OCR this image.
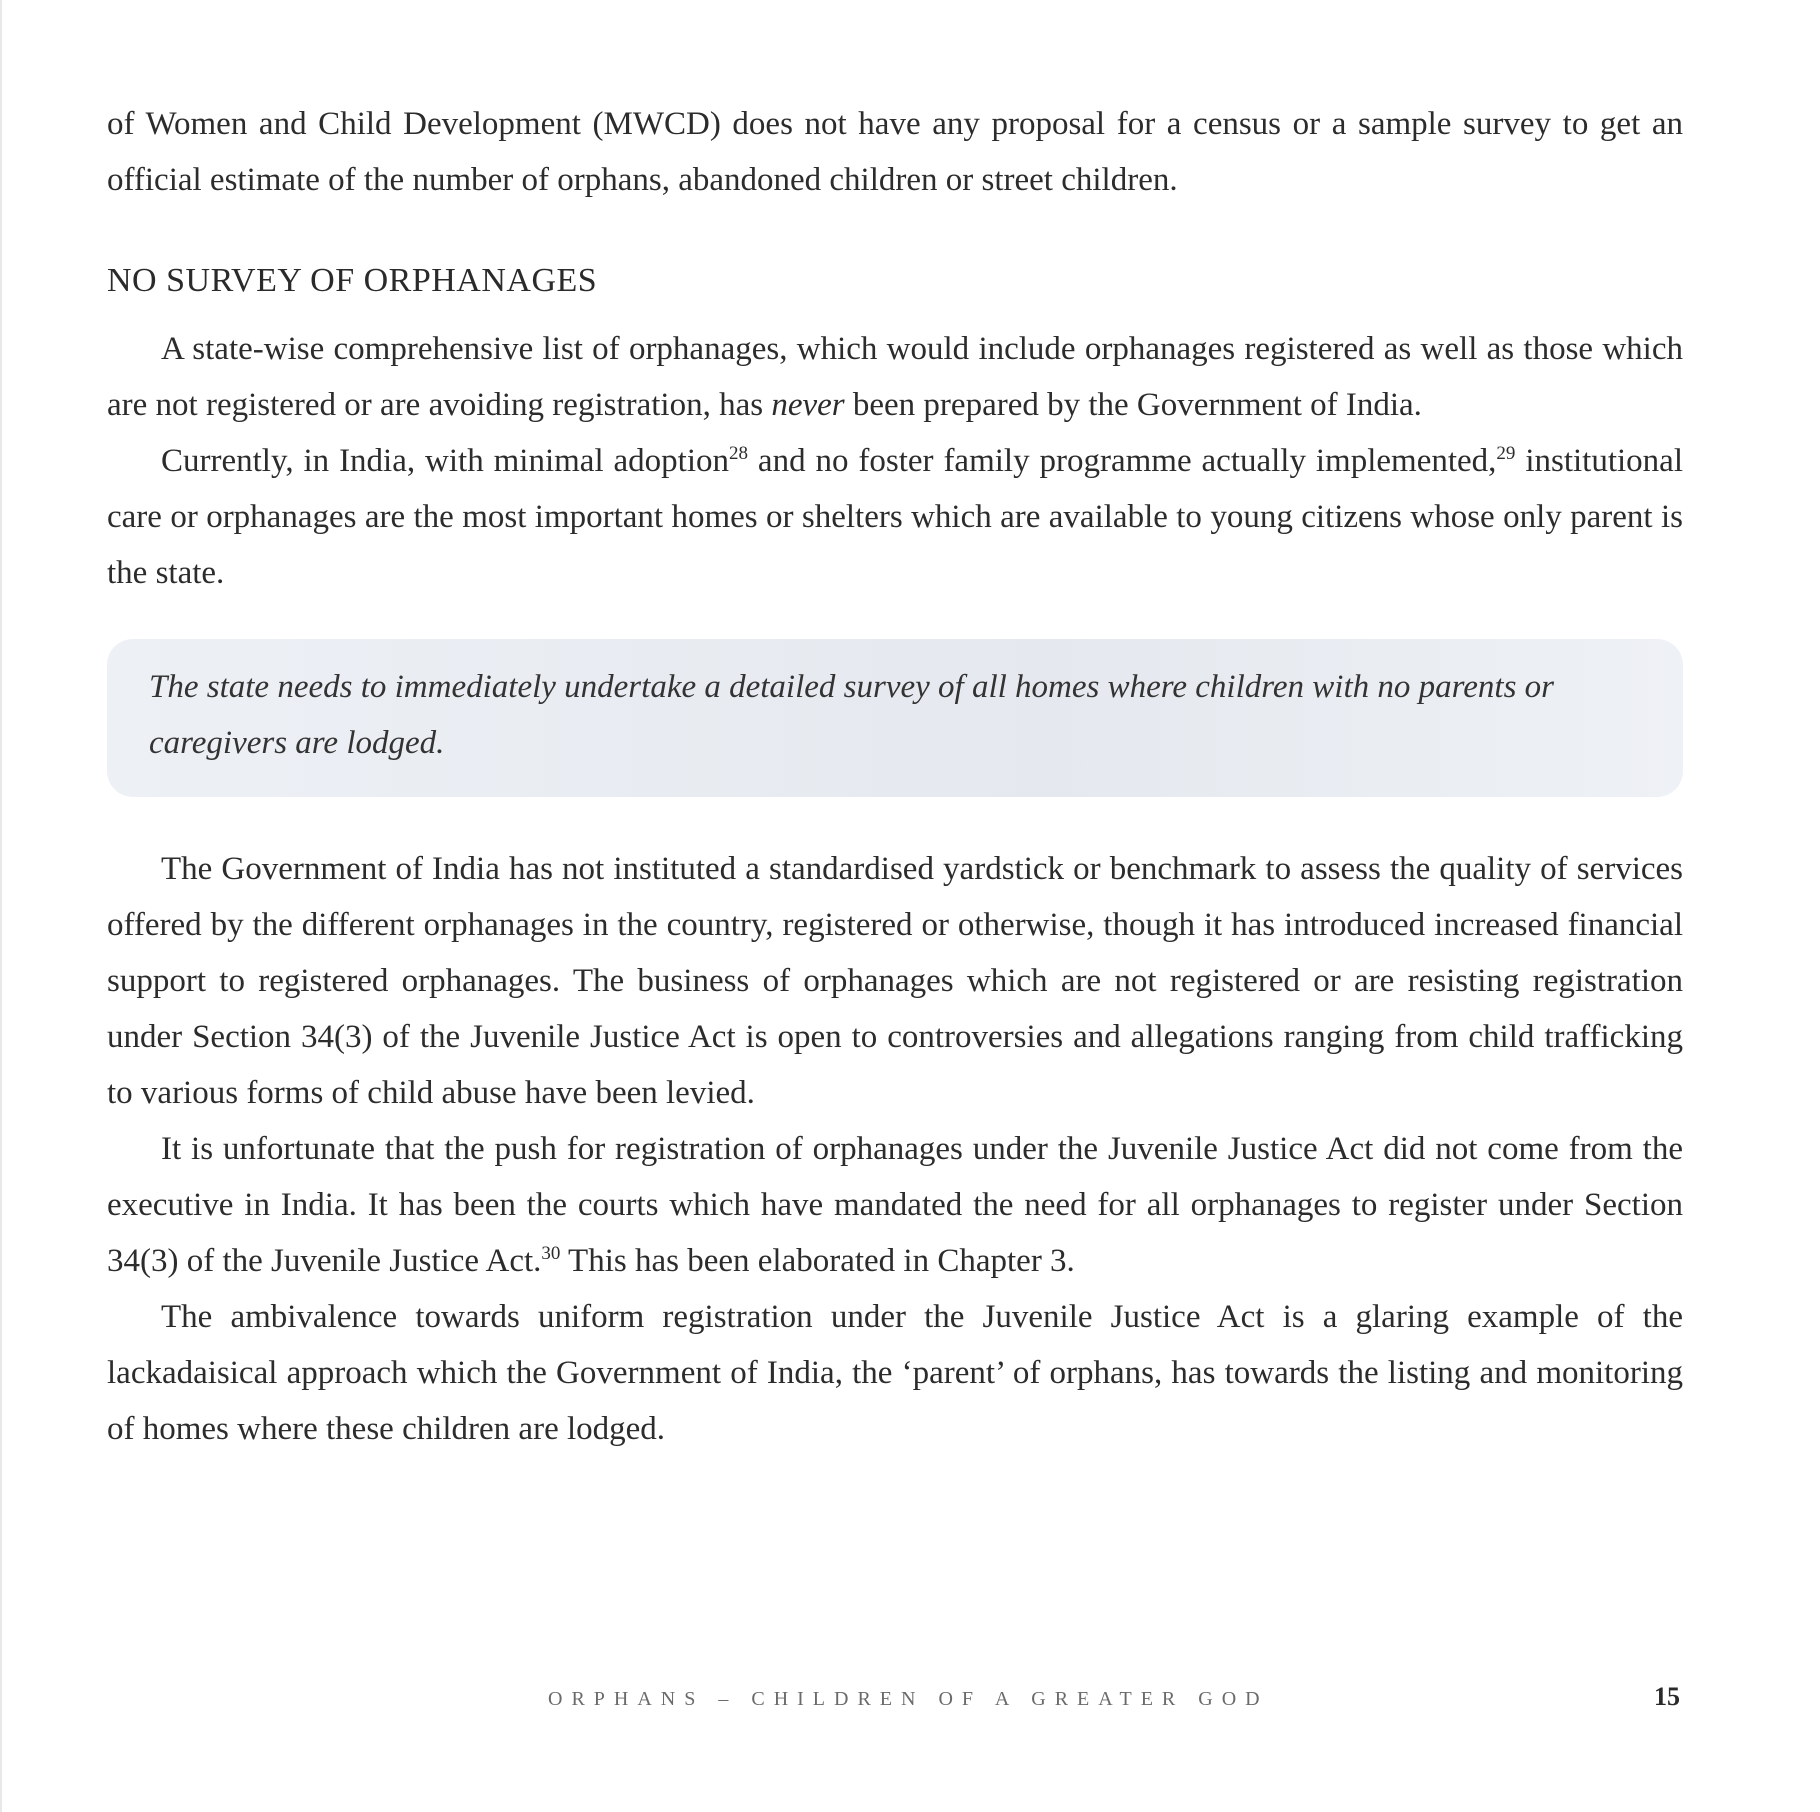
of Women and Child Development (MWCD) does not have any proposal for a census or a sample survey to get an official estimate of the number of orphans, abandoned children or street children.

NO SURVEY OF ORPHANAGES

A state-wise comprehensive list of orphanages, which would include orphanages registered as well as those which are not registered or are avoiding registration, has never been prepared by the Government of India.

Currently, in India, with minimal adoption$^{28}$ and no foster family programme actually implemented,$^{29}$ institutional care or orphanages are the most important homes or shelters which are available to young citizens whose only parent is the state.

The state needs to immediately undertake a detailed survey of all homes where children with no parents or caregivers are lodged.

The Government of India has not instituted a standardised yardstick or benchmark to assess the quality of services offered by the different orphanages in the country, registered or otherwise, though it has introduced increased financial support to registered orphanages. The business of orphanages which are not registered or are resisting registration under Section 34(3) of the Juvenile Justice Act is open to controversies and allegations ranging from child trafficking to various forms of child abuse have been levied.

It is unfortunate that the push for registration of orphanages under the Juvenile Justice Act did not come from the executive in India. It has been the courts which have mandated the need for all orphanages to register under Section 34(3) of the Juvenile Justice Act.$^{30}$ This has been elaborated in Chapter 3.

The ambivalence towards uniform registration under the Juvenile Justice Act is a glaring example of the lackadaisical approach which the Government of India, the ‘parent’ of orphans, has towards the listing and monitoring of homes where these children are lodged.

ORPHANS – CHILDREN OF A GREATER GOD	15
